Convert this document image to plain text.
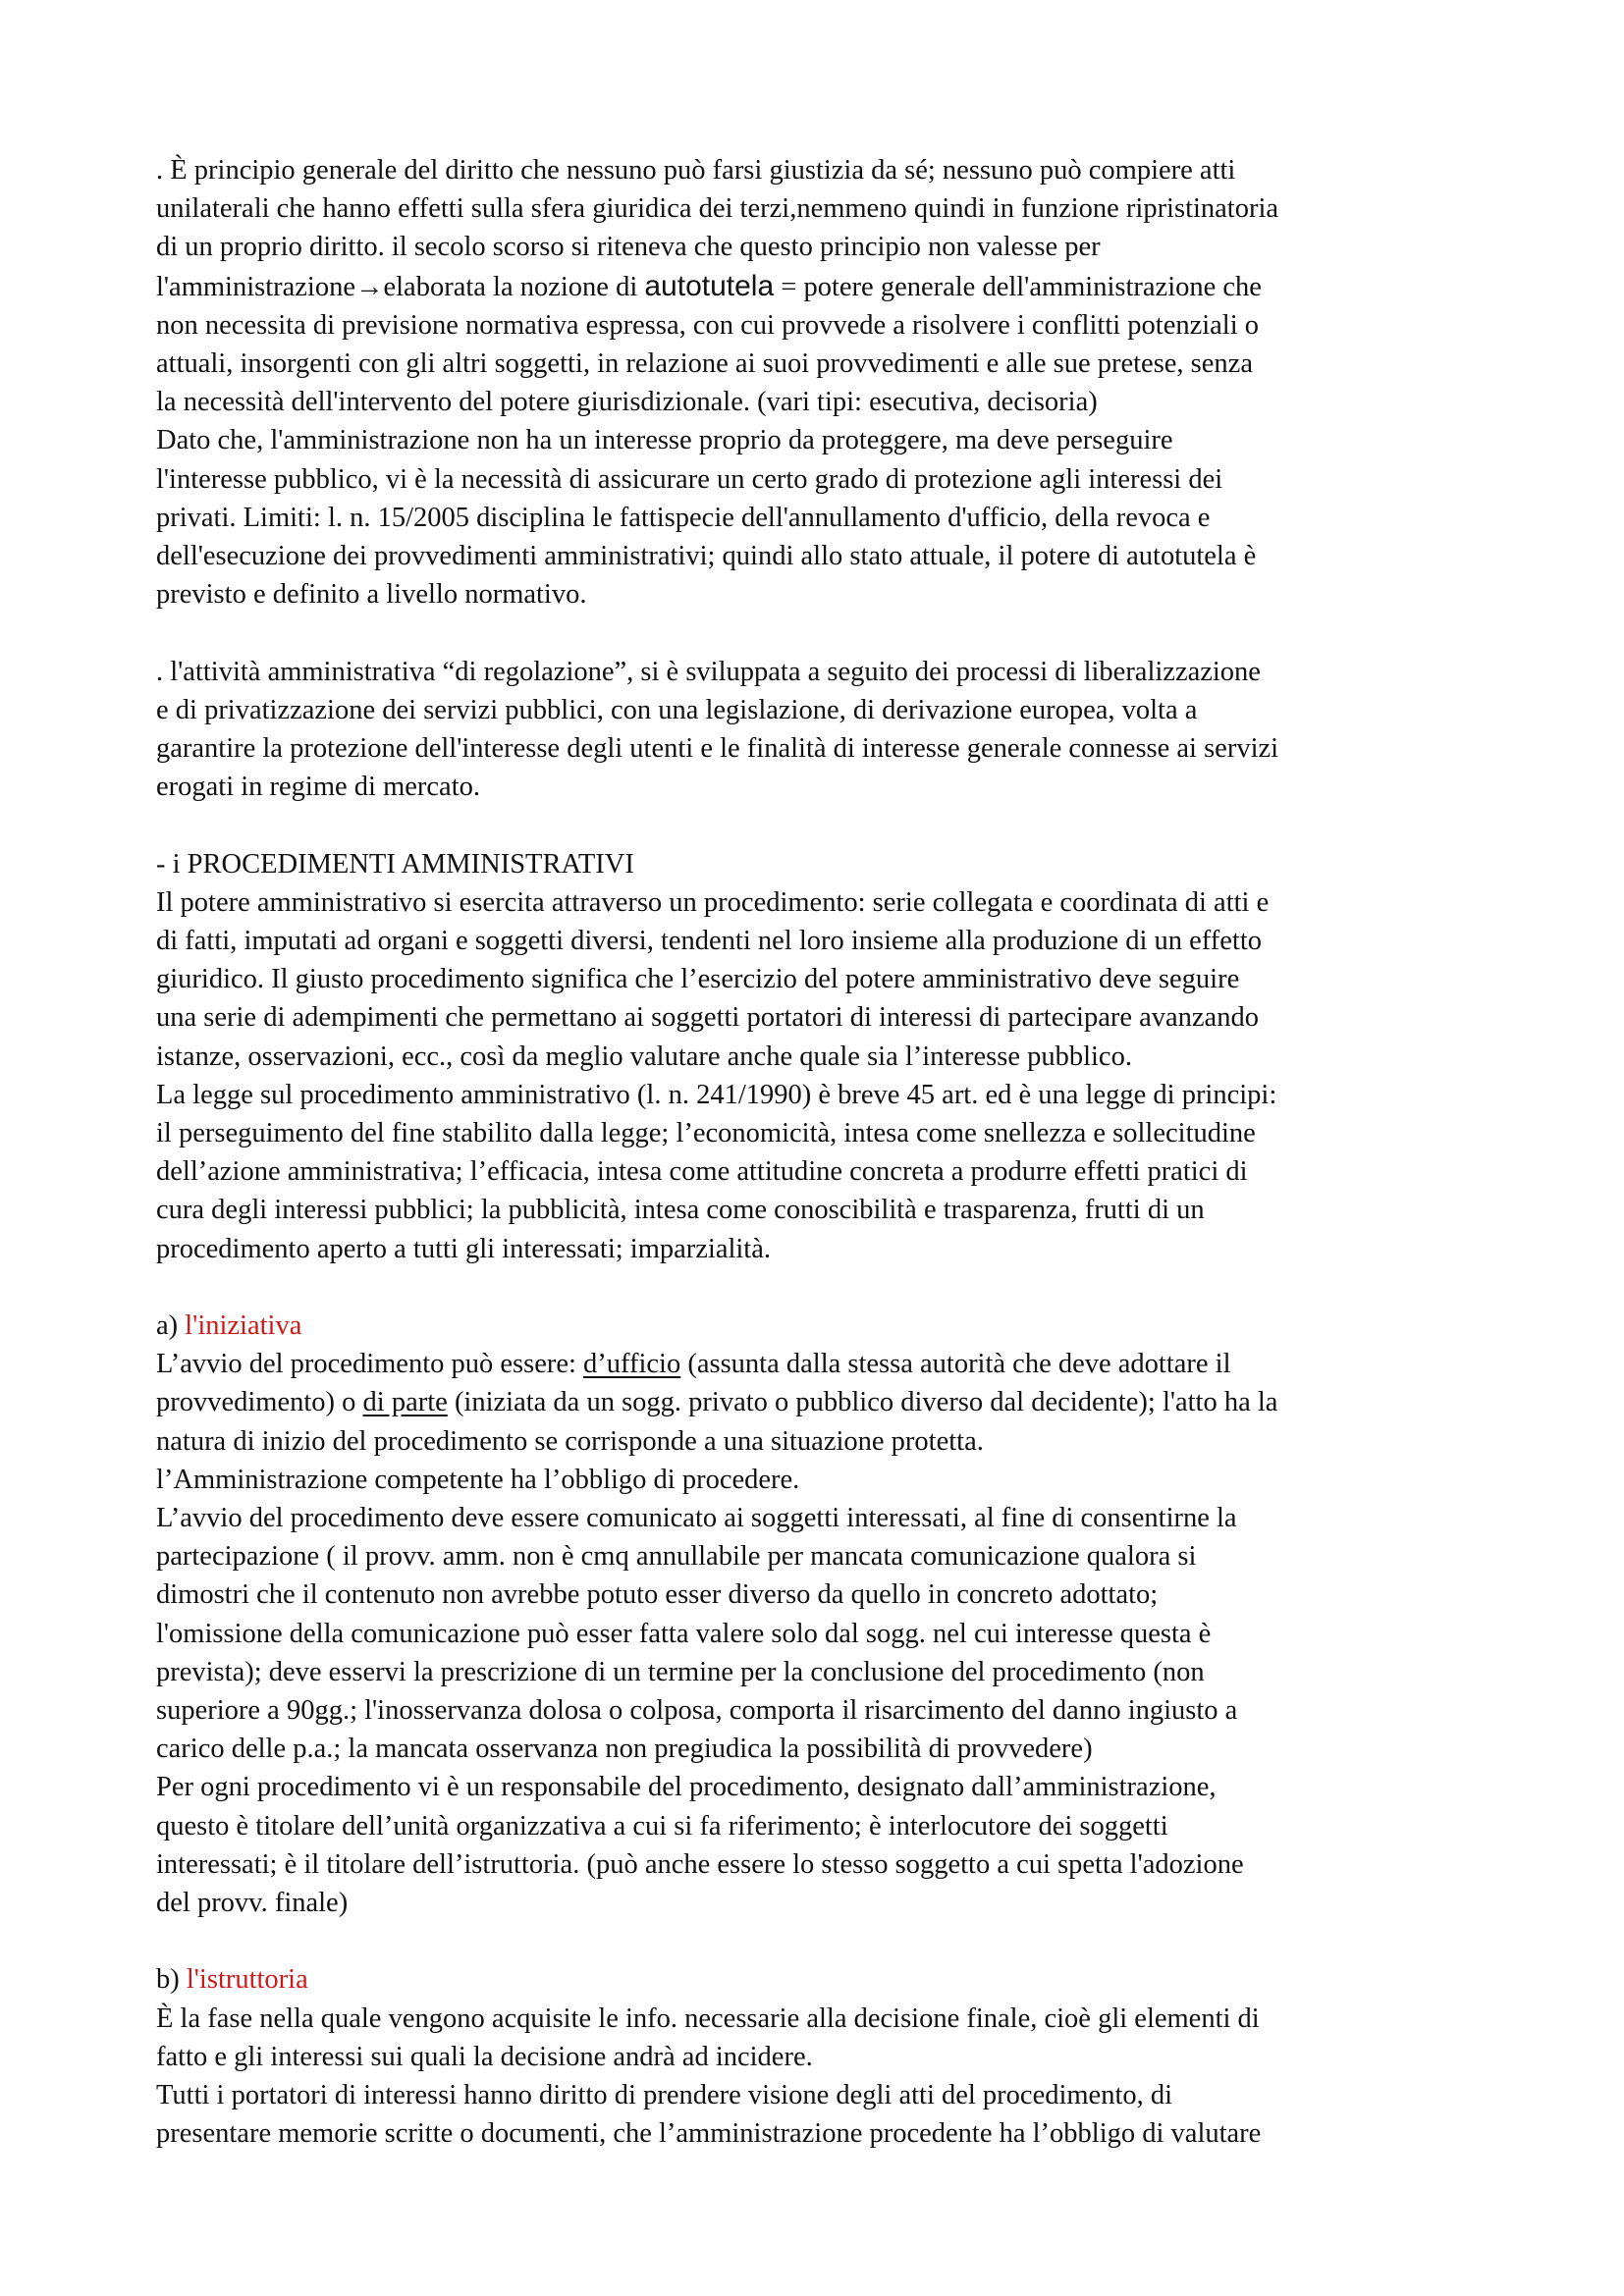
. È principio generale del diritto che nessuno può farsi giustizia da sé; nessuno può compiere atti
unilaterali che hanno effetti sulla sfera giuridica dei terzi,nemmeno quindi in funzione ripristinatoria
di un proprio diritto. il secolo scorso si riteneva che questo principio non valesse per
l'amministrazione→elaborata la nozione di autotutela = potere generale dell'amministrazione che
non necessita di previsione normativa espressa, con cui provvede a risolvere i conflitti potenziali o
attuali, insorgenti con gli altri soggetti, in relazione ai suoi provvedimenti e alle sue pretese, senza
la necessità dell'intervento del potere giurisdizionale. (vari tipi: esecutiva, decisoria)
Dato che, l'amministrazione non ha un interesse proprio da proteggere, ma deve perseguire
l'interesse pubblico, vi è la necessità di assicurare un certo grado di protezione agli interessi dei
privati. Limiti: l. n. 15/2005 disciplina le fattispecie dell'annullamento d'ufficio, della revoca e
dell'esecuzione dei provvedimenti amministrativi; quindi allo stato attuale, il potere di autotutela è
previsto e definito a livello normativo.

. l'attività amministrativa “di regolazione”, si è sviluppata a seguito dei processi di liberalizzazione
e di privatizzazione dei servizi pubblici, con una legislazione, di derivazione europea, volta a
garantire la protezione dell'interesse degli utenti e le finalità di interesse generale connesse ai servizi
erogati in regime di mercato.

- i PROCEDIMENTI AMMINISTRATIVI

Il potere amministrativo si esercita attraverso un procedimento: serie collegata e coordinata di atti e
di fatti, imputati ad organi e soggetti diversi, tendenti nel loro insieme alla produzione di un effetto
giuridico. Il giusto procedimento significa che l’esercizio del potere amministrativo deve seguire
una serie di adempimenti che permettano ai soggetti portatori di interessi di partecipare avanzando
istanze, osservazioni, ecc., così da meglio valutare anche quale sia l’interesse pubblico.
La legge sul procedimento amministrativo (l. n. 241/1990) è breve 45 art. ed è una legge di principi:
il perseguimento del fine stabilito dalla legge; l’economicità, intesa come snellezza e sollecitudine
dell’azione amministrativa; l’efficacia, intesa come attitudine concreta a produrre effetti pratici di
cura degli interessi pubblici; la pubblicità, intesa come conoscibilità e trasparenza, frutti di un
procedimento aperto a tutti gli interessati; imparzialità.

a) l'iniziativa

L’avvio del procedimento può essere: d’ufficio (assunta dalla stessa autorità che deve adottare il
provvedimento) o di parte (iniziata da un sogg. privato o pubblico diverso dal decidente); l'atto ha la
natura di inizio del procedimento se corrisponde a una situazione protetta.
l’Amministrazione competente ha l’obbligo di procedere.
L’avvio del procedimento deve essere comunicato ai soggetti interessati, al fine di consentirne la
partecipazione ( il provv. amm. non è cmq annullabile per mancata comunicazione qualora si
dimostri che il contenuto non avrebbe potuto esser diverso da quello in concreto adottato;
l'omissione della comunicazione può esser fatta valere solo dal sogg. nel cui interesse questa è
prevista); deve esservi la prescrizione di un termine per la conclusione del procedimento (non
superiore a 90gg.; l'inosservanza dolosa o colposa, comporta il risarcimento del danno ingiusto a
carico delle p.a.; la mancata osservanza non pregiudica la possibilità di provvedere)
Per ogni procedimento vi è un responsabile del procedimento, designato dall’amministrazione,
questo è titolare dell’unità organizzativa a cui si fa riferimento; è interlocutore dei soggetti
interessati; è il titolare dell’istruttoria. (può anche essere lo stesso soggetto a cui spetta l'adozione
del provv. finale)

b) l'istruttoria

È la fase nella quale vengono acquisite le info. necessarie alla decisione finale, cioè gli elementi di
fatto e gli interessi sui quali la decisione andrà ad incidere.
Tutti i portatori di interessi hanno diritto di prendere visione degli atti del procedimento, di
presentare memorie scritte o documenti, che l’amministrazione procedente ha l’obbligo di valutare
